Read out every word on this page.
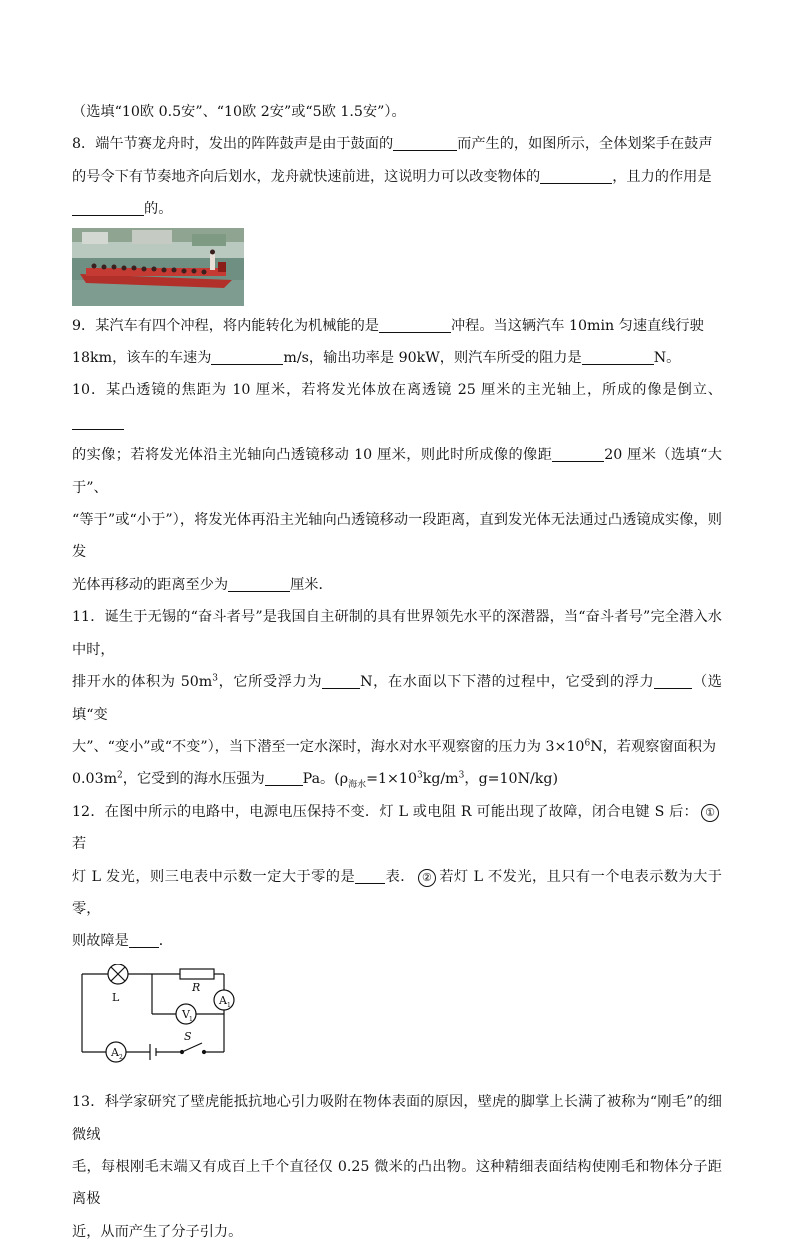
（选填“10欧 0.5安”、“10欧 2安”或“5欧 1.5安”）。

8．端午节赛龙舟时，发出的阵阵鼓声是由于鼓面的	而产生的，如图所示，全体划桨手在鼓声

的号令下有节奏地齐向后划水，龙舟就快速前进，这说明力可以改变物体的	，且力的作用是

的。

9．某汽车有四个冲程，将内能转化为机械能的是	冲程。当这辆汽车 10min 匀速直线行驶

18km，该车的车速为	m/s，输出功率是 90kW，则汽车所受的阻力是	N。

10．某凸透镜的焦距为 10 厘米，若将发光体放在离透镜 25 厘米的主光轴上，所成的像是倒立、

的实像；若将发光体沿主光轴向凸透镜移动 10 厘米，则此时所成像的像距	20 厘米（选填“大于”、

“等于”或“小于”），将发光体再沿主光轴向凸透镜移动一段距离，直到发光体无法通过凸透镜成实像，则发

光体再移动的距离至少为	厘米．

11．诞生于无锡的“奋斗者号”是我国自主研制的具有世界领先水平的深潜器，当“奋斗者号”完全潜入水中时，

排开水的体积为 $50m^3$，它所受浮力为	N，在水面以下下潜的过程中，它受到的浮力	（选填“变

大”、“变小”或“不变”），当下潜至一定水深时，海水对水平观察窗的压力为 $3\times 10^6N$，若观察窗面积为

$0.03m^2$，它受到的海水压强为	Pa。($\rho_{海水}=1\times 10^3kg/m^3$，g=10N/kg)

12．在图中所示的电路中，电源电压保持不变．灯 L 或电阻 R 可能出现了故障，闭合电键 S 后： ①若

灯 L 发光，则三电表中示数一定大于零的是 表． ② 若灯 L 不发光，且只有一个电表示数为大于零，

则故障是 ．

L
R
A 1
V 1
A 2
S

13．科学家研究了壁虎能抵抗地心引力吸附在物体表面的原因，壁虎的脚掌上长满了被称为“刚毛”的细微绒

毛，每根刚毛末端又有成百上千个直径仅 0.25 微米的凸出物。这种精细表面结构使刚毛和物体分子距离极

近，从而产生了分子引力。
